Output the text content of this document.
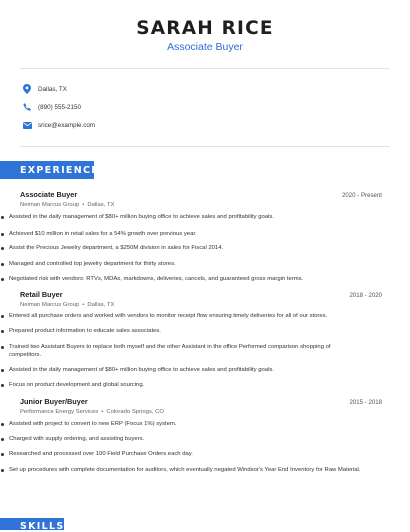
SARAH RICE
Associate Buyer
Dallas, TX
(890) 555-2150
srice@example.com
EXPERIENCE
Associate Buyer	2020 - Present
Neiman Marcus Group • Dallas, TX
Assisted in the daily management of $80+ million buying office to achieve sales and profitability goals.
Achieved $10 million in retail sales for a 54% growth over previous year.
Assist the Precious Jewelry department, a $250M division in sales for Fiscal 2014.
Managed and controlled top jewelry department for thirty stores.
Negotiated risk with vendors: RTVs, MDAs, markdowns, deliveries, cancels, and guaranteed gross margin terms.
Retail Buyer	2018 - 2020
Neiman Marcus Group • Dallas, TX
Entered all purchase orders and worked with vendors to monitor receipt flow ensuring timely deliveries for all of our stores.
Prepared product information to educate sales associates.
Trained two Assistant Buyers to replace both myself and the other Assistant in the office Performed comparison shopping of competitors.
Assisted in the daily management of $80+ million buying office to achieve sales and profitability goals.
Focus on product development and global sourcing.
Junior Buyer/Buyer	2015 - 2018
Performance Energy Services • Colorado Springs, CO
Assisted with project to convert to new ERP (Focus 1%) system.
Charged with supply ordering, and assisting buyers.
Researched and processed over 100 Field Purchase Orders each day.
Set up procedures with complete documentation for auditors, which eventually negated Windsor's Year End Inventory for Raw Material.
SKILLS
